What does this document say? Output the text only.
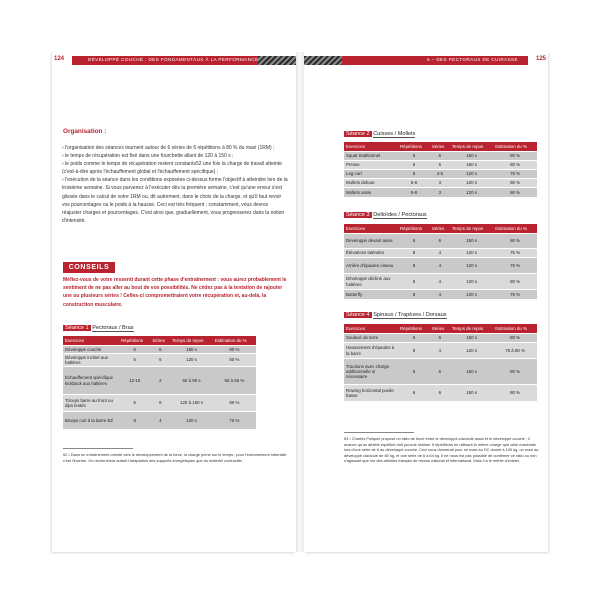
124	DÉVELOPPÉ COUCHÉ : DES FONDAMENTAUX À LA PERFORMANCE	5 – DES PECTORAUX DE CUIRASSE	125
Organisation :

› l'organisation des séances tournent autour de 6 séries de 6 répétitions à 80 % du maxi (1RM) ;

› le temps de récupération est fixé dans une fourchette allant de 120 à 150 s ;

› le poids comme le temps de récupération restent constants52 une fois la charge de travail atteinte (c'est-à-dire après l'échauffement global et l'échauffement spécifique) ;

› l'exécution de la séance dans les conditions exposées ci-dessus forme l'objectif à atteindre lors de la troisième semaine. Si vous parvenez à l'exécuter dès la première semaine, c'est qu'une erreur s'est glissée dans le calcul de votre 1RM ou, dit autrement, dans le choix de la charge, et qu'il faut revoir vos pourcentages ou le poids à la hausse. Ceci est très fréquent ; constamment, vous devrez réajuster charges et pourcentages. C'est ainsi que, graduellement, vous progresserez dans la notion d'intensité.

CONSEILS
Méfiez-vous de votre ressenti durant cette phase d'entraînement : vous aurez probablement le sentiment de ne pas aller au bout de vos possibilités. Ne cédez pas à la tentation de rajouter une ou plusieurs séries ! Celles-ci compromettraient votre récupération et, au-delà, la construction musculaire.
Séance 1 Pectoraux / Bras
Exercices	Répétitions	Séries	Temps de repos	Estimation du %
Développé couché	6	6	150 s	80 %
Développé incliné aux haltères	6	6	120 s	80 %
Échauffement spécifique kickback aux haltères	12-15	2	60 à 90 s	55 à 65 %
Triceps barre au front ou dips lestés	6	6	120 à 150 s	80 %
Biceps curl à la barre EZ	8	4	120 s	75 %
52 • Dans un entraînement orienté vers le développement de la force, la charge prime sur le temps ; pour l'entraînement rotteriaté, c'est l'inverse. On recherchera autant l'adaptation des supports énergétiques que du matériel contractile.
Séance 2 Cuisses / Mollets
Exercices	Répétitions	Séries	Temps de repos	Estimation du %
Squat traditionnel	6	6	150 s	80 %
Presse	6	6	150 s	80 %
Leg curl	8	4-5	120 s	75 %
Mollets debout	5-8	3	120 s	80 %
Mollets assis	5-8	3	120 s	80 %
Séance 3 Deltoïdes / Pectoraux
Exercices	Répétitions	Séries	Temps de repos	Estimation du %
Développé devant assis	6	6	150 s	80 %
Élévations latérales	8	4	120 s	75 %
Arrière d'épaules oiseau	8	4	120 s	75 %
Développé décliné aux haltères	6	4	120 s	80 %
Butterfly	8	4	120 s	75 %
Séance 4 Spinaux / Trapèzes / Dorsaux
Exercices	Répétitions	Séries	Temps de repos	Estimation du %
Soulevé de terre	6	6	150 s	80 %
Haussement d'épaules à la barre	8	4	120 s	75 à 80 %
Tractions avec charge additionnelle si nécessaire	6	6	150 s	80 %
Rowing horizontal poulie basse	6	6	150 s	80 %
53 • Charles Poliquin propose un ratio de force entre le développé-clavicule assis et le développé couché ; il avance qu'un athlète équilibré doit pouvoir réaliser 5 répétitions en utilisant la même charge que celle maximale lors d'une série de 6 au développé couché. Ceci nous donnerait pour un maxi au DC donné à 100 kg, un maxi au développé clavicule de 80 kg, et une série de 6 à 64 kg. Il ne nous est pas possible de confirmer ce ratio ou non s'agissant que sur des athlètes français de niveau national et international. Mais il a le mérite d'exister.
